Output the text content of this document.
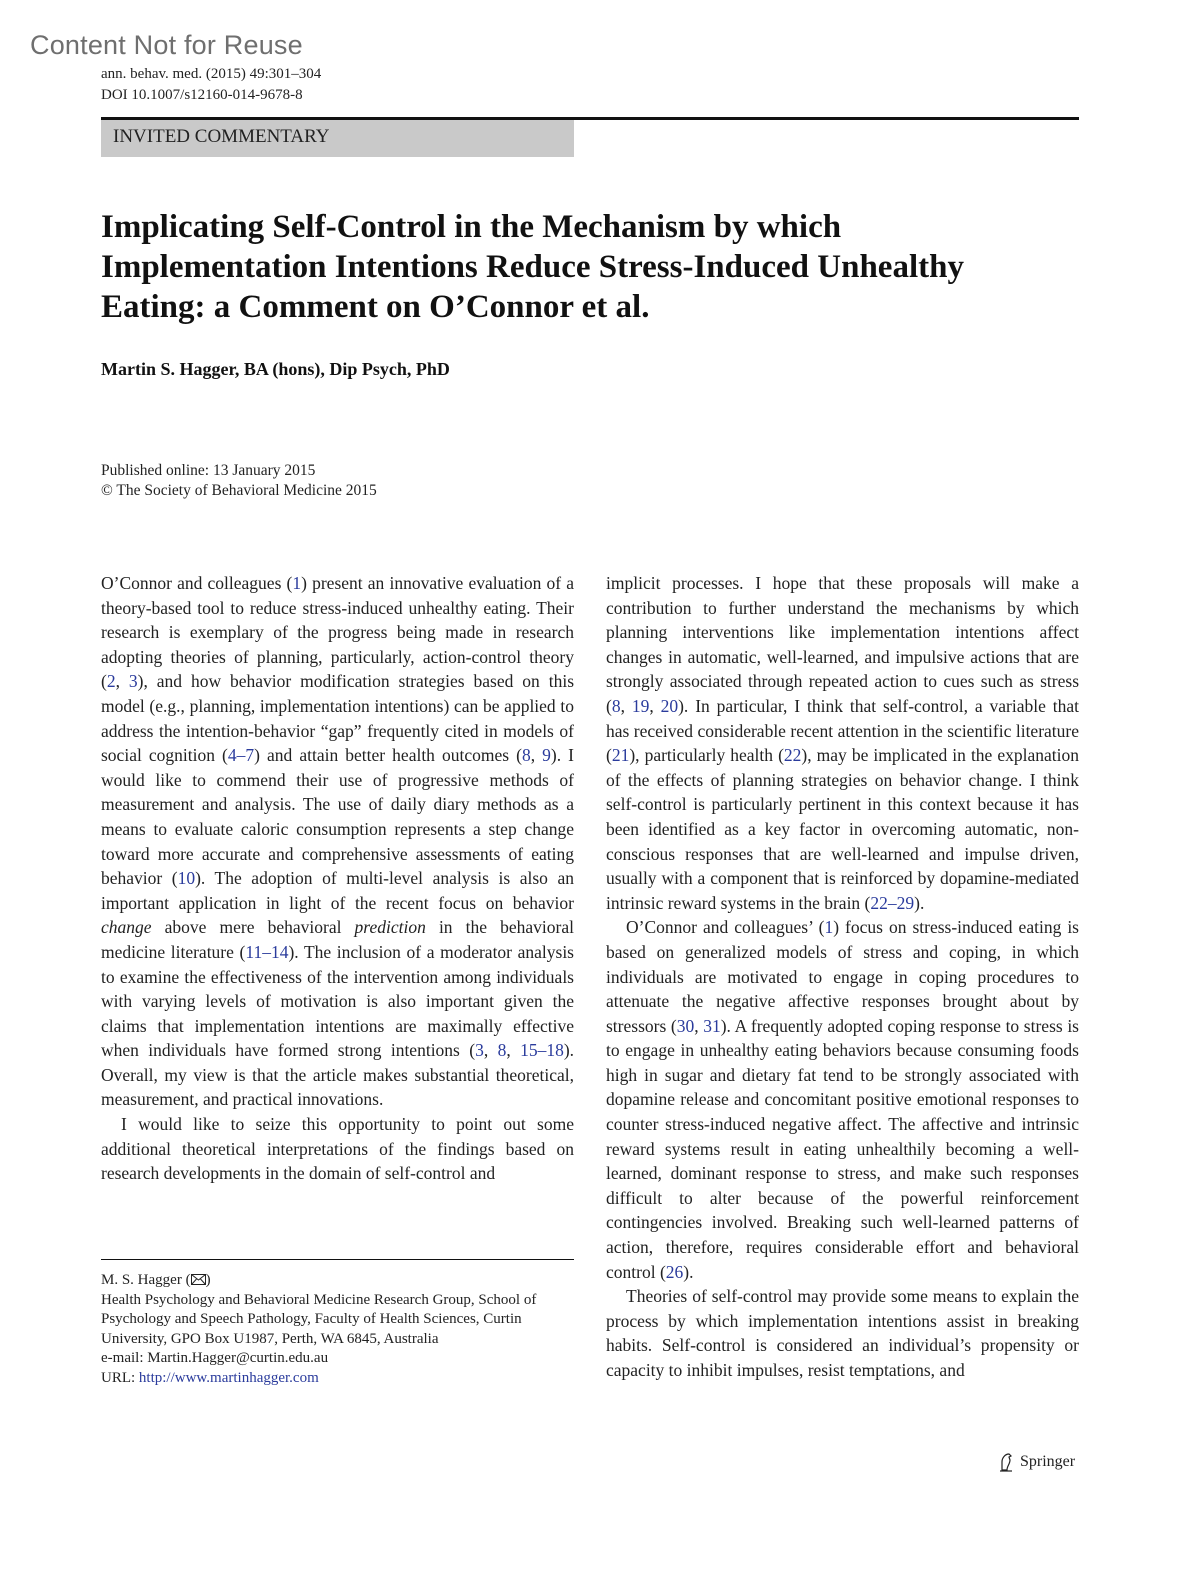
Content Not for Reuse
ann. behav. med. (2015) 49:301–304
DOI 10.1007/s12160-014-9678-8
INVITED COMMENTARY
Implicating Self-Control in the Mechanism by which Implementation Intentions Reduce Stress-Induced Unhealthy Eating: a Comment on O’Connor et al.
Martin S. Hagger, BA (hons), Dip Psych, PhD
Published online: 13 January 2015
© The Society of Behavioral Medicine 2015

O’Connor and colleagues (1) present an innovative evaluation of a theory-based tool to reduce stress-induced unhealthy eating. Their research is exemplary of the progress being made in research adopting theories of planning, particularly, action-control theory (2, 3), and how behavior modification strategies based on this model (e.g., planning, implementation intentions) can be applied to address the intention-behavior “gap” frequently cited in models of social cognition (4–7) and attain better health outcomes (8, 9). I would like to commend their use of progressive methods of measurement and analysis. The use of daily diary methods as a means to evaluate caloric consumption represents a step change toward more accurate and comprehensive assessments of eating behavior (10). The adoption of multi-level analysis is also an important application in light of the recent focus on behavior change above mere behavioral prediction in the behavioral medicine literature (11–14). The inclusion of a moderator analysis to examine the effectiveness of the intervention among individuals with varying levels of motivation is also important given the claims that implementation intentions are maximally effective when individuals have formed strong intentions (3, 8, 15–18). Overall, my view is that the article makes substantial theoretical, measurement, and practical innovations.

I would like to seize this opportunity to point out some additional theoretical interpretations of the findings based on research developments in the domain of self-control and

implicit processes. I hope that these proposals will make a contribution to further understand the mechanisms by which planning interventions like implementation intentions affect changes in automatic, well-learned, and impulsive actions that are strongly associated through repeated action to cues such as stress (8, 19, 20). In particular, I think that self-control, a variable that has received considerable recent attention in the scientific literature (21), particularly health (22), may be implicated in the explanation of the effects of planning strategies on behavior change. I think self-control is particularly pertinent in this context because it has been identified as a key factor in overcoming automatic, non-conscious responses that are well-learned and impulse driven, usually with a component that is reinforced by dopamine-mediated intrinsic reward systems in the brain (22–29).

O’Connor and colleagues’ (1) focus on stress-induced eating is based on generalized models of stress and coping, in which individuals are motivated to engage in coping procedures to attenuate the negative affective responses brought about by stressors (30, 31). A frequently adopted coping response to stress is to engage in unhealthy eating behaviors because consuming foods high in sugar and dietary fat tend to be strongly associated with dopamine release and concomitant positive emotional responses to counter stress-induced negative affect. The affective and intrinsic reward systems result in eating unhealthily becoming a well-learned, dominant response to stress, and make such responses difficult to alter because of the powerful reinforcement contingencies involved. Breaking such well-learned patterns of action, therefore, requires considerable effort and behavioral control (26).

Theories of self-control may provide some means to explain the process by which implementation intentions assist in breaking habits. Self-control is considered an individual’s propensity or capacity to inhibit impulses, resist temptations, and

M. S. Hagger ( )
Health Psychology and Behavioral Medicine Research Group, School of Psychology and Speech Pathology, Faculty of Health Sciences, Curtin University, GPO Box U1987, Perth, WA 6845, Australia
e-mail: Martin.Hagger@curtin.edu.au
URL: http://www.martinhagger.com
Springer
